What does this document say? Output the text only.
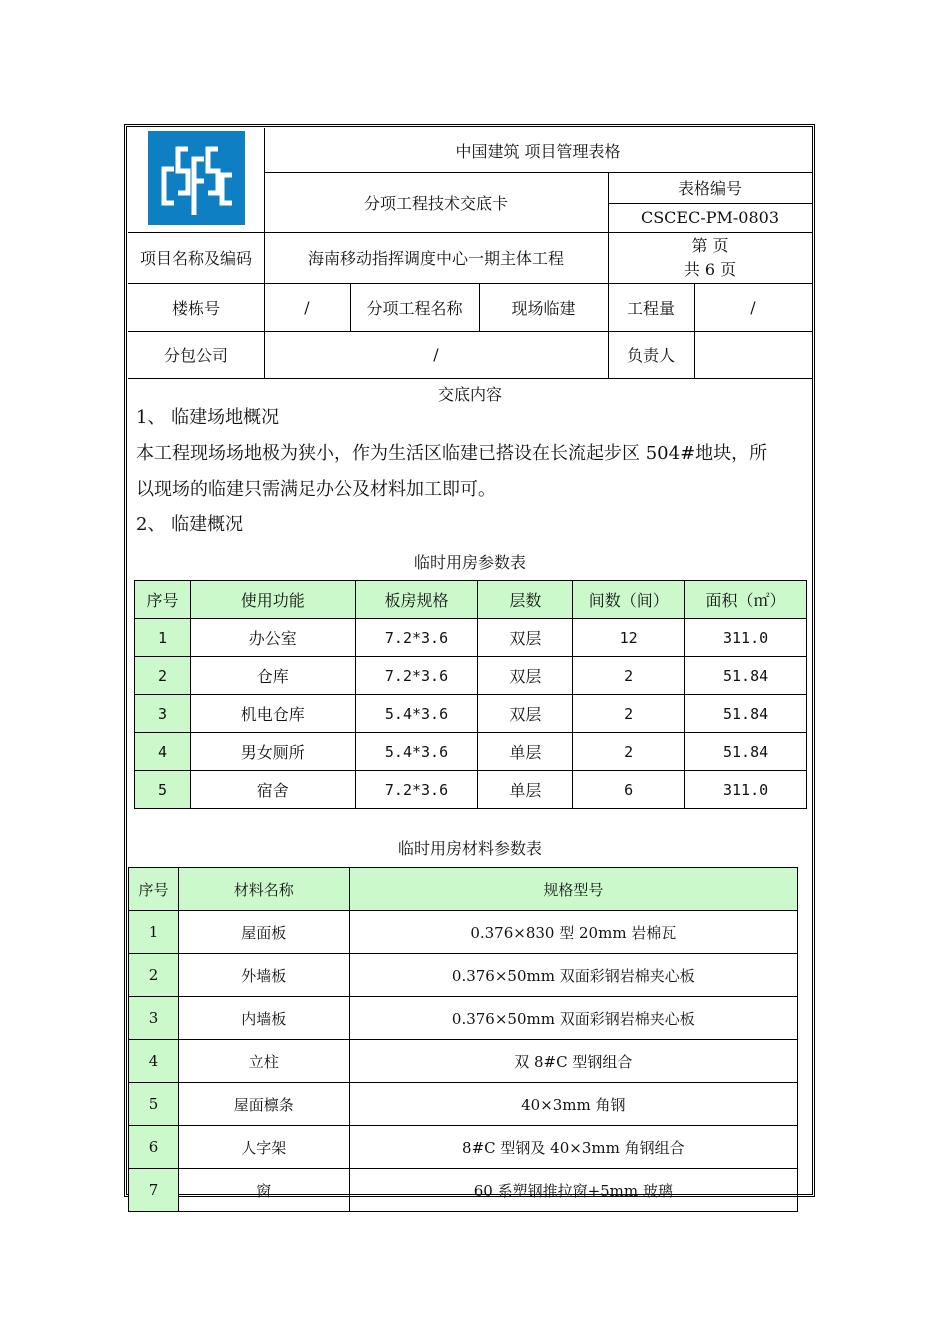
中国建筑 项目管理表格
分项工程技术交底卡
表格编号
CSCEC-PM-0803
项目名称及编码	海南移动指挥调度中心一期主体工程
第 页
共 6 页
楼栋号	/	分项工程名称	现场临建	工程量	/
分包公司	/	负责人
交底内容
1、 临建场地概况
本工程现场场地极为狭小，作为生活区临建已搭设在长流起步区 504#地块，所
以现场的临建只需满足办公及材料加工即可。
2、 临建概况
临时用房参数表
序号	使用功能	板房规格	层数	间数（间）	面积（㎡）
1	办公室	7.2*3.6	双层	12	311.0
2	仓库	7.2*3.6	双层	2	51.84
3	机电仓库	5.4*3.6	双层	2	51.84
4	男女厕所	5.4*3.6	单层	2	51.84
5	宿舍	7.2*3.6	单层	6	311.0
临时用房材料参数表
序号	材料名称	规格型号
1	屋面板	0.376×830 型 20mm 岩棉瓦
2	外墙板	0.376×50mm 双面彩钢岩棉夹心板
3	内墙板	0.376×50mm 双面彩钢岩棉夹心板
4	立柱	双 8#C 型钢组合
5	屋面檩条	40×3mm 角钢
6	人字架	8#C 型钢及 40×3mm 角钢组合
7	窗	60 系塑钢推拉窗+5mm 玻璃
